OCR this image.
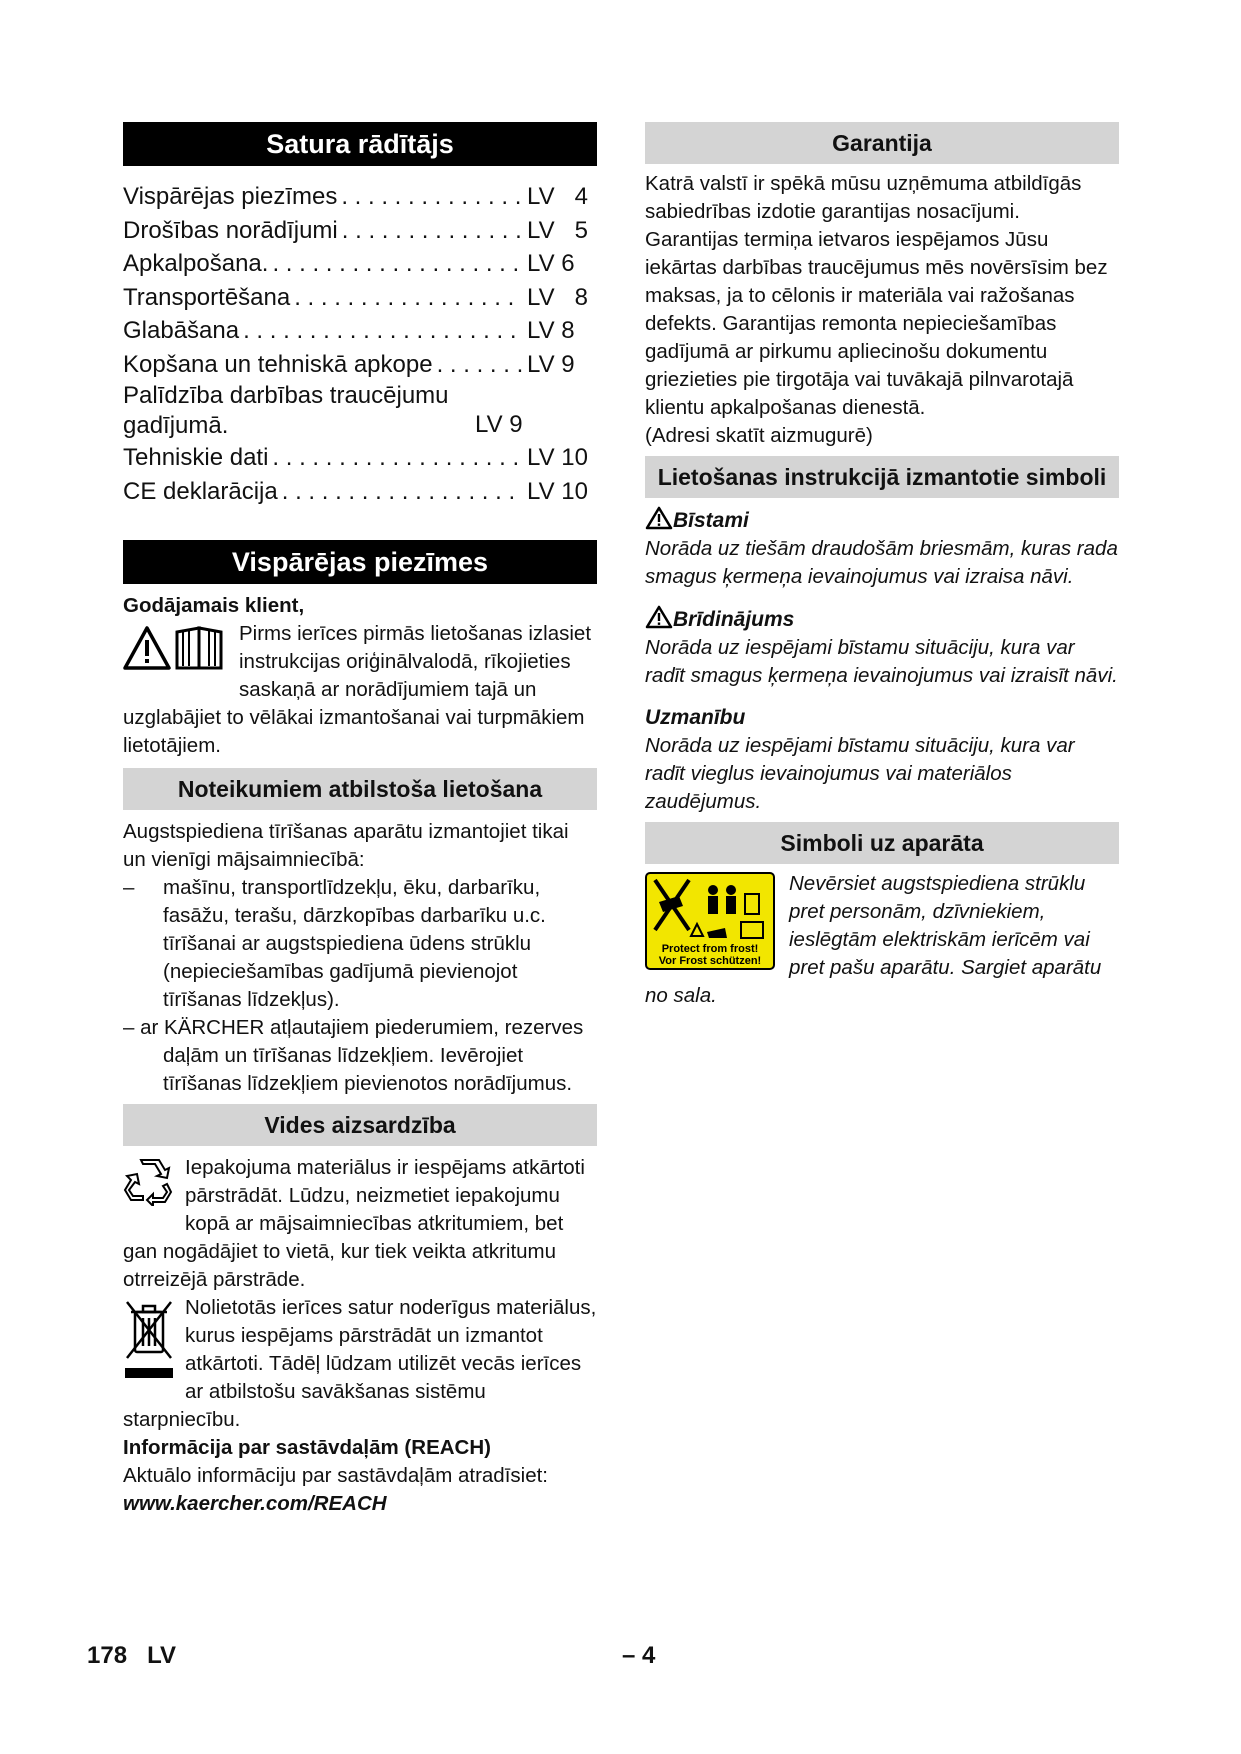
Satura rādītājs
Vispārējas piezīmes . . .	LV   4
Drošības norādījumi . . .	LV   5
Apkalpošana. . . .	LV 6
Transportēšana . . .	LV   8
Glabāšana . . .	LV 8
Kopšana un tehniskā apkope . . .	LV 9
Palīdzība darbības traucējumu gadījumā.	LV 9
Tehniskie dati . . .	LV 10
CE deklarācija . . .	LV 10
Vispārējas piezīmes

Godājamais klient,

Pirms ierīces pirmās lietošanas izlasiet instrukcijas oriģinālvalodā, rīkojieties saskaņā ar norādījumiem tajā un uzglabājiet to vēlākai izmantošanai vai turpmākiem lietotājiem.
Noteikumiem atbilstoša lietošana

Augstspiediena tīrīšanas aparātu izmantojiet tikai un vienīgi mājsaimniecībā:

– mašīnu, transportlīdzekļu, ēku, darbarīku, fasāžu, terašu, dārzkopības darbarīku u.c. tīrīšanai ar augstspiediena ūdens strūklu (nepieciešamības gadījumā pievienojot tīrīšanas līdzekļus).
– ar KÄRCHER atļautajiem piederumiem, rezerves daļām un tīrīšanas līdzekļiem. Ievērojiet tīrīšanas līdzekļiem pievienotos norādījumus.
Vides aizsardzība
Iepakojuma materiālus ir iespējams atkārtoti pārstrādāt. Lūdzu, neizmetiet iepakojumu kopā ar mājsaimniecības atkritumiem, bet gan nogādājiet to vietā, kur tiek veikta atkritumu otrreizējā pārstrāde.
Nolietotās ierīces satur noderīgus materiālus, kurus iespējams pārstrādāt un izmantot atkārtoti. Tādēļ lūdzam utilizēt vecās ierīces ar atbilstošu savākšanas sistēmu starpniecību.

Informācija par sastāvdaļām (REACH)

Aktuālo informāciju par sastāvdaļām atradīsiet:

www.kaercher.com/REACH

Garantija

Katrā valstī ir spēkā mūsu uzņēmuma atbildīgās sabiedrības izdotie garantijas nosacījumi. Garantijas termiņa ietvaros iespējamos Jūsu iekārtas darbības traucējumus mēs novērsīsim bez maksas, ja to cēlonis ir materiāla vai ražošanas defekts. Garantijas remonta nepieciešamības gadījumā ar pirkumu apliecinošu dokumentu griezieties pie tirgotāja vai tuvākajā pilnvarotajā klientu apkalpošanas dienestā.

(Adresi skatīt aizmugurē)

Lietošanas instrukcijā izmantotie simboli
Bīstami

Norāda uz tiešām draudošām briesmām, kuras rada smagus ķermeņa ievainojumus vai izraisa nāvi.

Brīdinājums

Norāda uz iespējami bīstamu situāciju, kura var radīt smagus ķermeņa ievainojumus vai izraisīt nāvi.

Uzmanību

Norāda uz iespējami bīstamu situāciju, kura var radīt vieglus ievainojumus vai materiālos zaudējumus.

Simboli uz aparāta
Protect from frost!
Vor Frost schützen!
Nevērsiet augstspiediena strūklu pret personām, dzīvniekiem, ieslēgtām elektriskām ierīcēm vai pret pašu aparātu. Sargiet aparātu no sala.
178 LV	– 4
